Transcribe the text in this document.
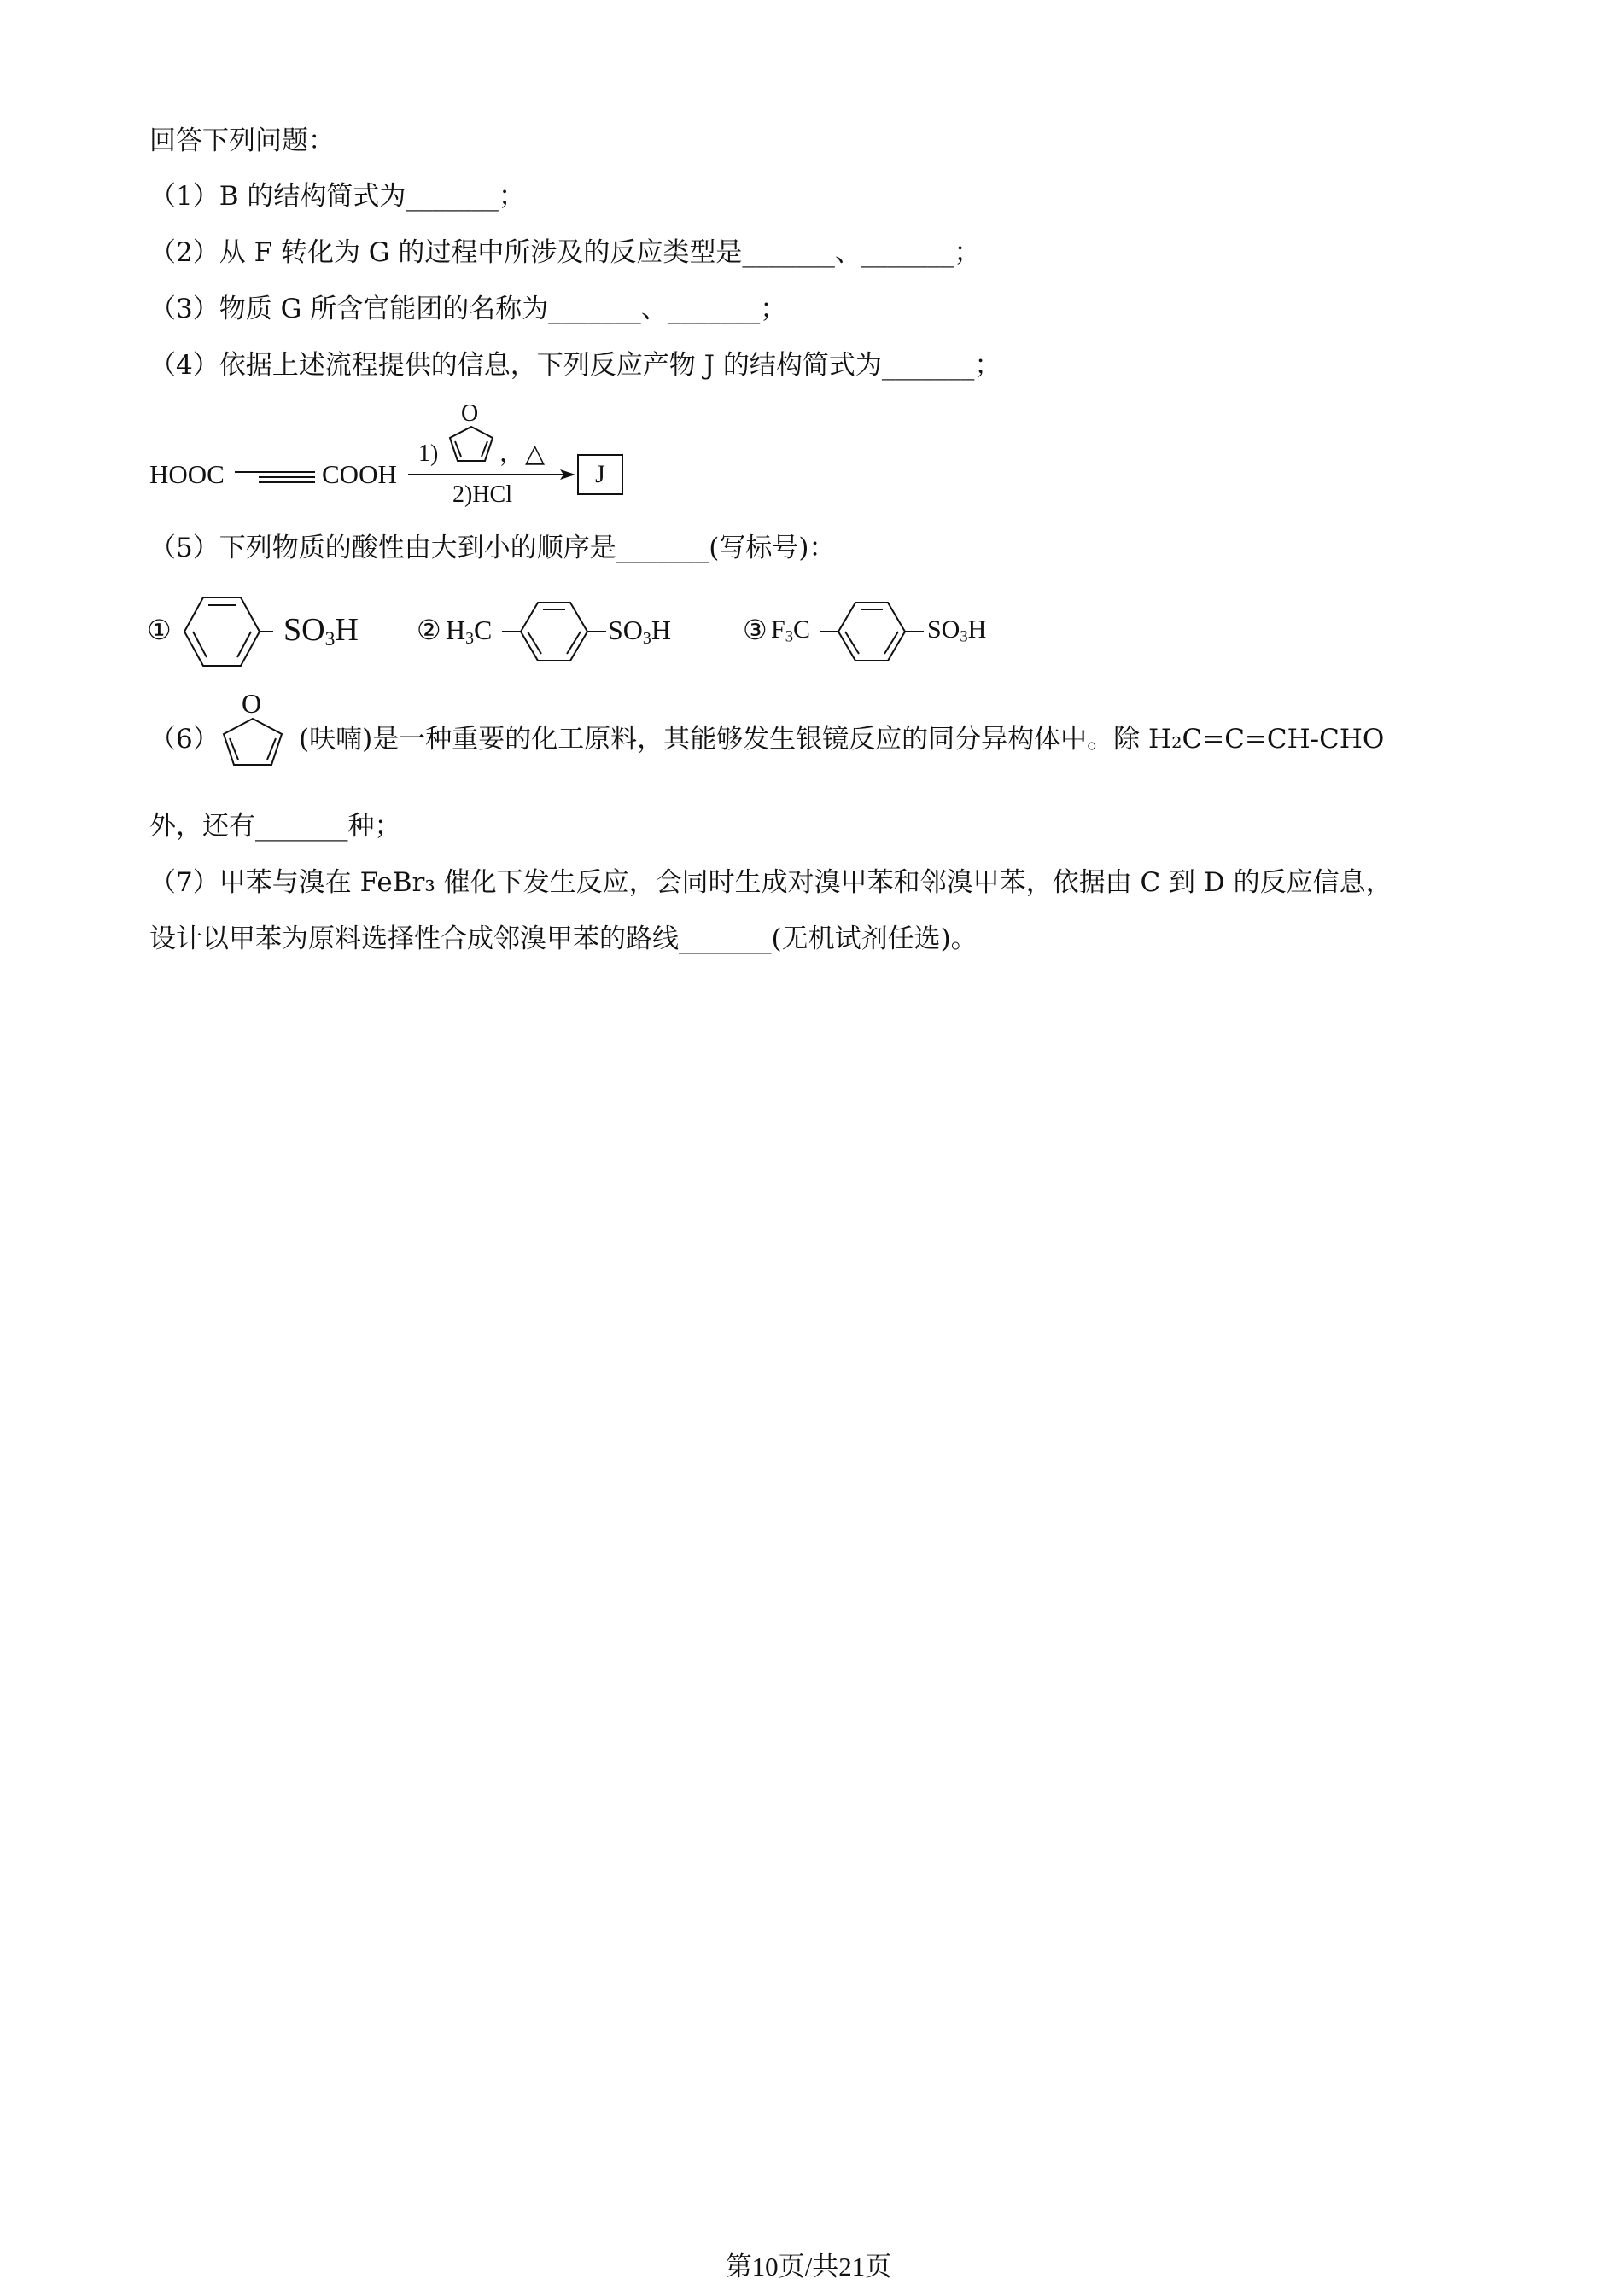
回答下列问题：
（1）B 的结构简式为_______；
（2）从 F 转化为 G 的过程中所涉及的反应类型是_______、_______；
（3）物质 G 所含官能团的名称为_______、_______；
（4）依据上述流程提供的信息，下列反应产物 J 的结构简式为_______；
HOOC	COOH
1)
O
， △
2)HCl
J
（5）下列物质的酸性由大到小的顺序是_______(写标号)：
①	$SO_3H$ ② $H_3C$	$SO_3H$	③ $F_3C$	$SO_3H$
（6）
O
(呋喃)是一种重要的化工原料，其能够发生银镜反应的同分异构体中。除 H₂C=C=CH-CHO
外，还有_______种；
（7）甲苯与溴在 FeBr₃ 催化下发生反应，会同时生成对溴甲苯和邻溴甲苯，依据由 C 到 D 的反应信息，
设计以甲苯为原料选择性合成邻溴甲苯的路线_______(无机试剂任选)。
第10页/共21页
